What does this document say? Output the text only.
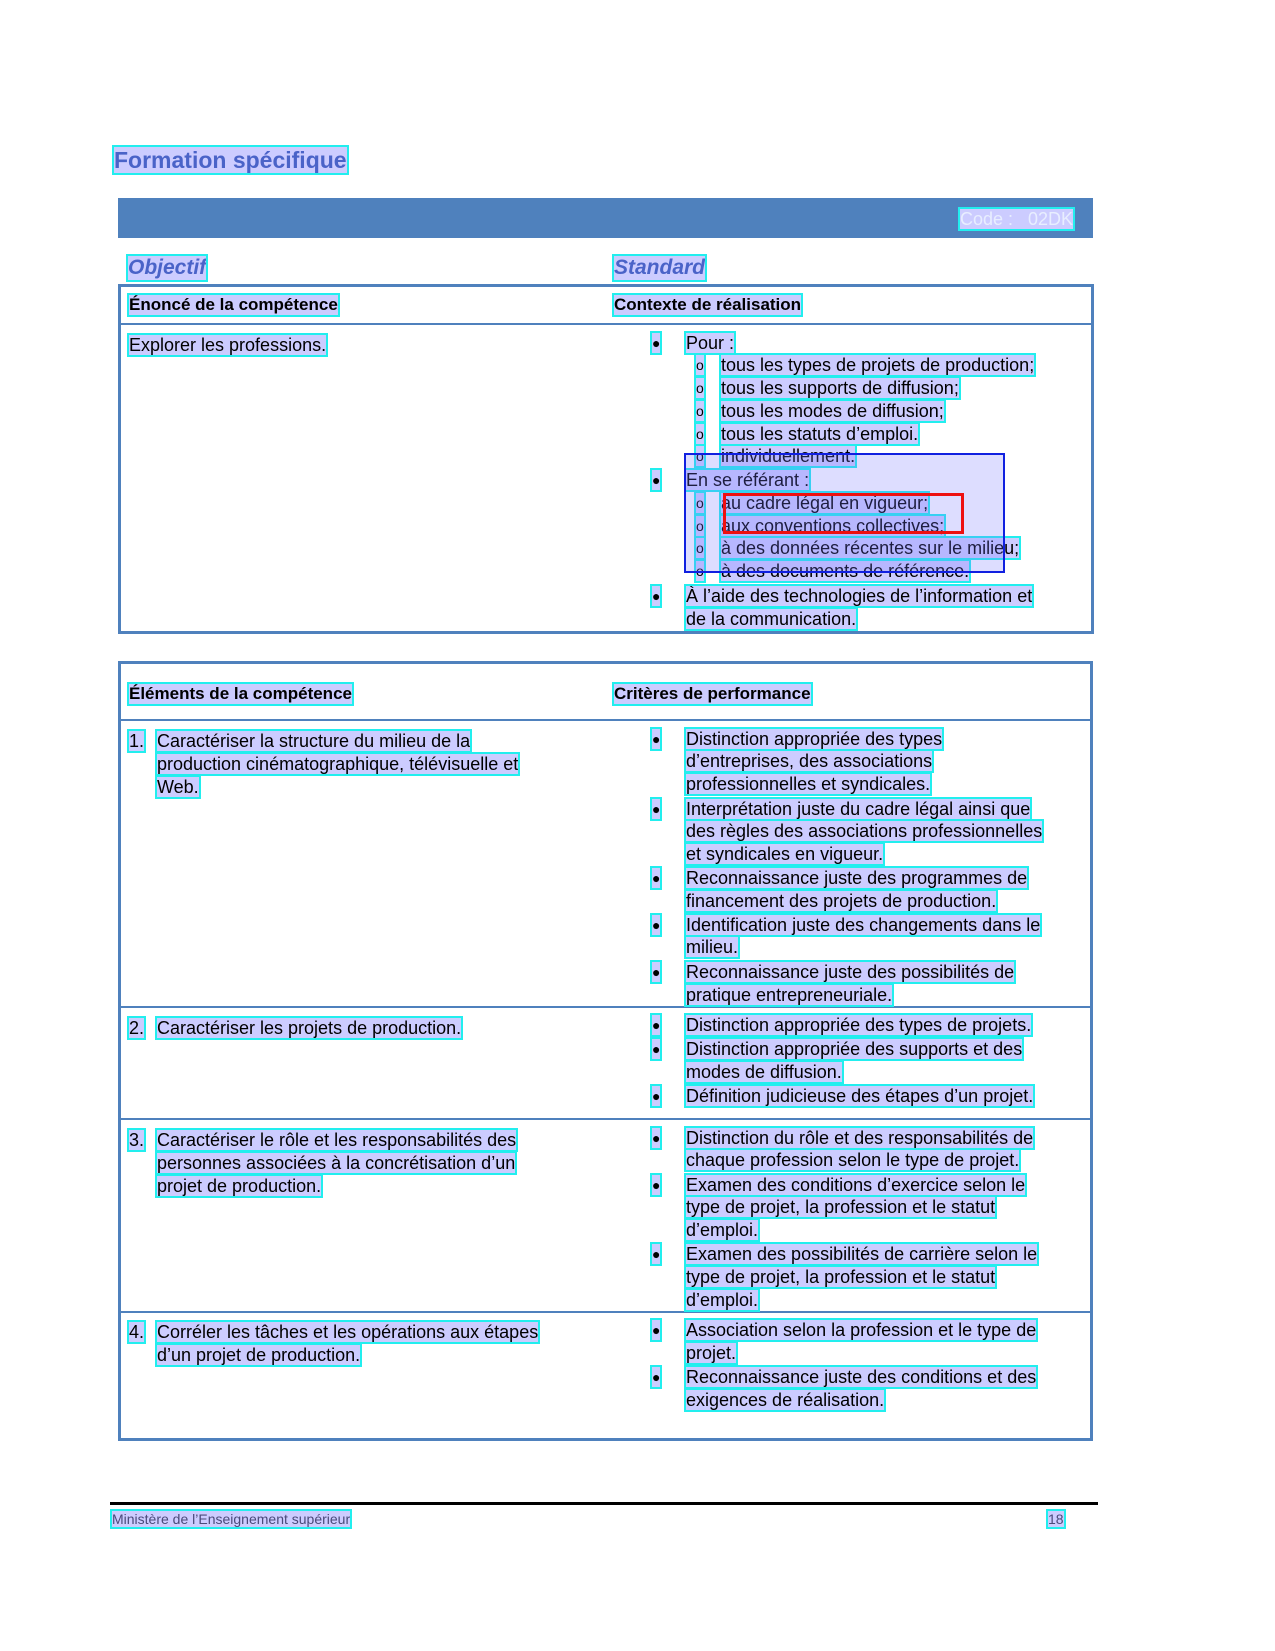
Formation spécifique
Code :   02DK
Objectif	Standard
Énoncé de la compétence	Contexte de réalisation
Explorer les professions.	● Pour :
o tous les types de projets de production;
o tous les supports de diffusion;
o tous les modes de diffusion;
o tous les statuts d’emploi.
o individuellement.
● En se référant :
o au cadre légal en vigueur;
o aux conventions collectives;
o à des données récentes sur le milieu;
o à des documents de référence.
● À l’aide des technologies de l’information et
de la communication.
Éléments de la compétence	Critères de performance
1. Caractériser la structure du milieu de la
production cinématographique, télévisuelle et
Web.
● Distinction appropriée des types
d’entreprises, des associations
professionnelles et syndicales.
● Interprétation juste du cadre légal ainsi que
des règles des associations professionnelles
et syndicales en vigueur.
● Reconnaissance juste des programmes de
financement des projets de production.
● Identification juste des changements dans le
milieu.
● Reconnaissance juste des possibilités de
pratique entrepreneuriale.
2. Caractériser les projets de production.	● Distinction appropriée des types de projets.
● Distinction appropriée des supports et des
modes de diffusion.
● Définition judicieuse des étapes d’un projet.
3. Caractériser le rôle et les responsabilités des
personnes associées à la concrétisation d’un
projet de production.
● Distinction du rôle et des responsabilités de
chaque profession selon le type de projet.
● Examen des conditions d’exercice selon le
type de projet, la profession et le statut
d’emploi.
● Examen des possibilités de carrière selon le
type de projet, la profession et le statut
d’emploi.
4. Corréler les tâches et les opérations aux étapes
d’un projet de production.
● Association selon la profession et le type de
projet.
● Reconnaissance juste des conditions et des
exigences de réalisation.
Ministère de l’Enseignement supérieur	18
